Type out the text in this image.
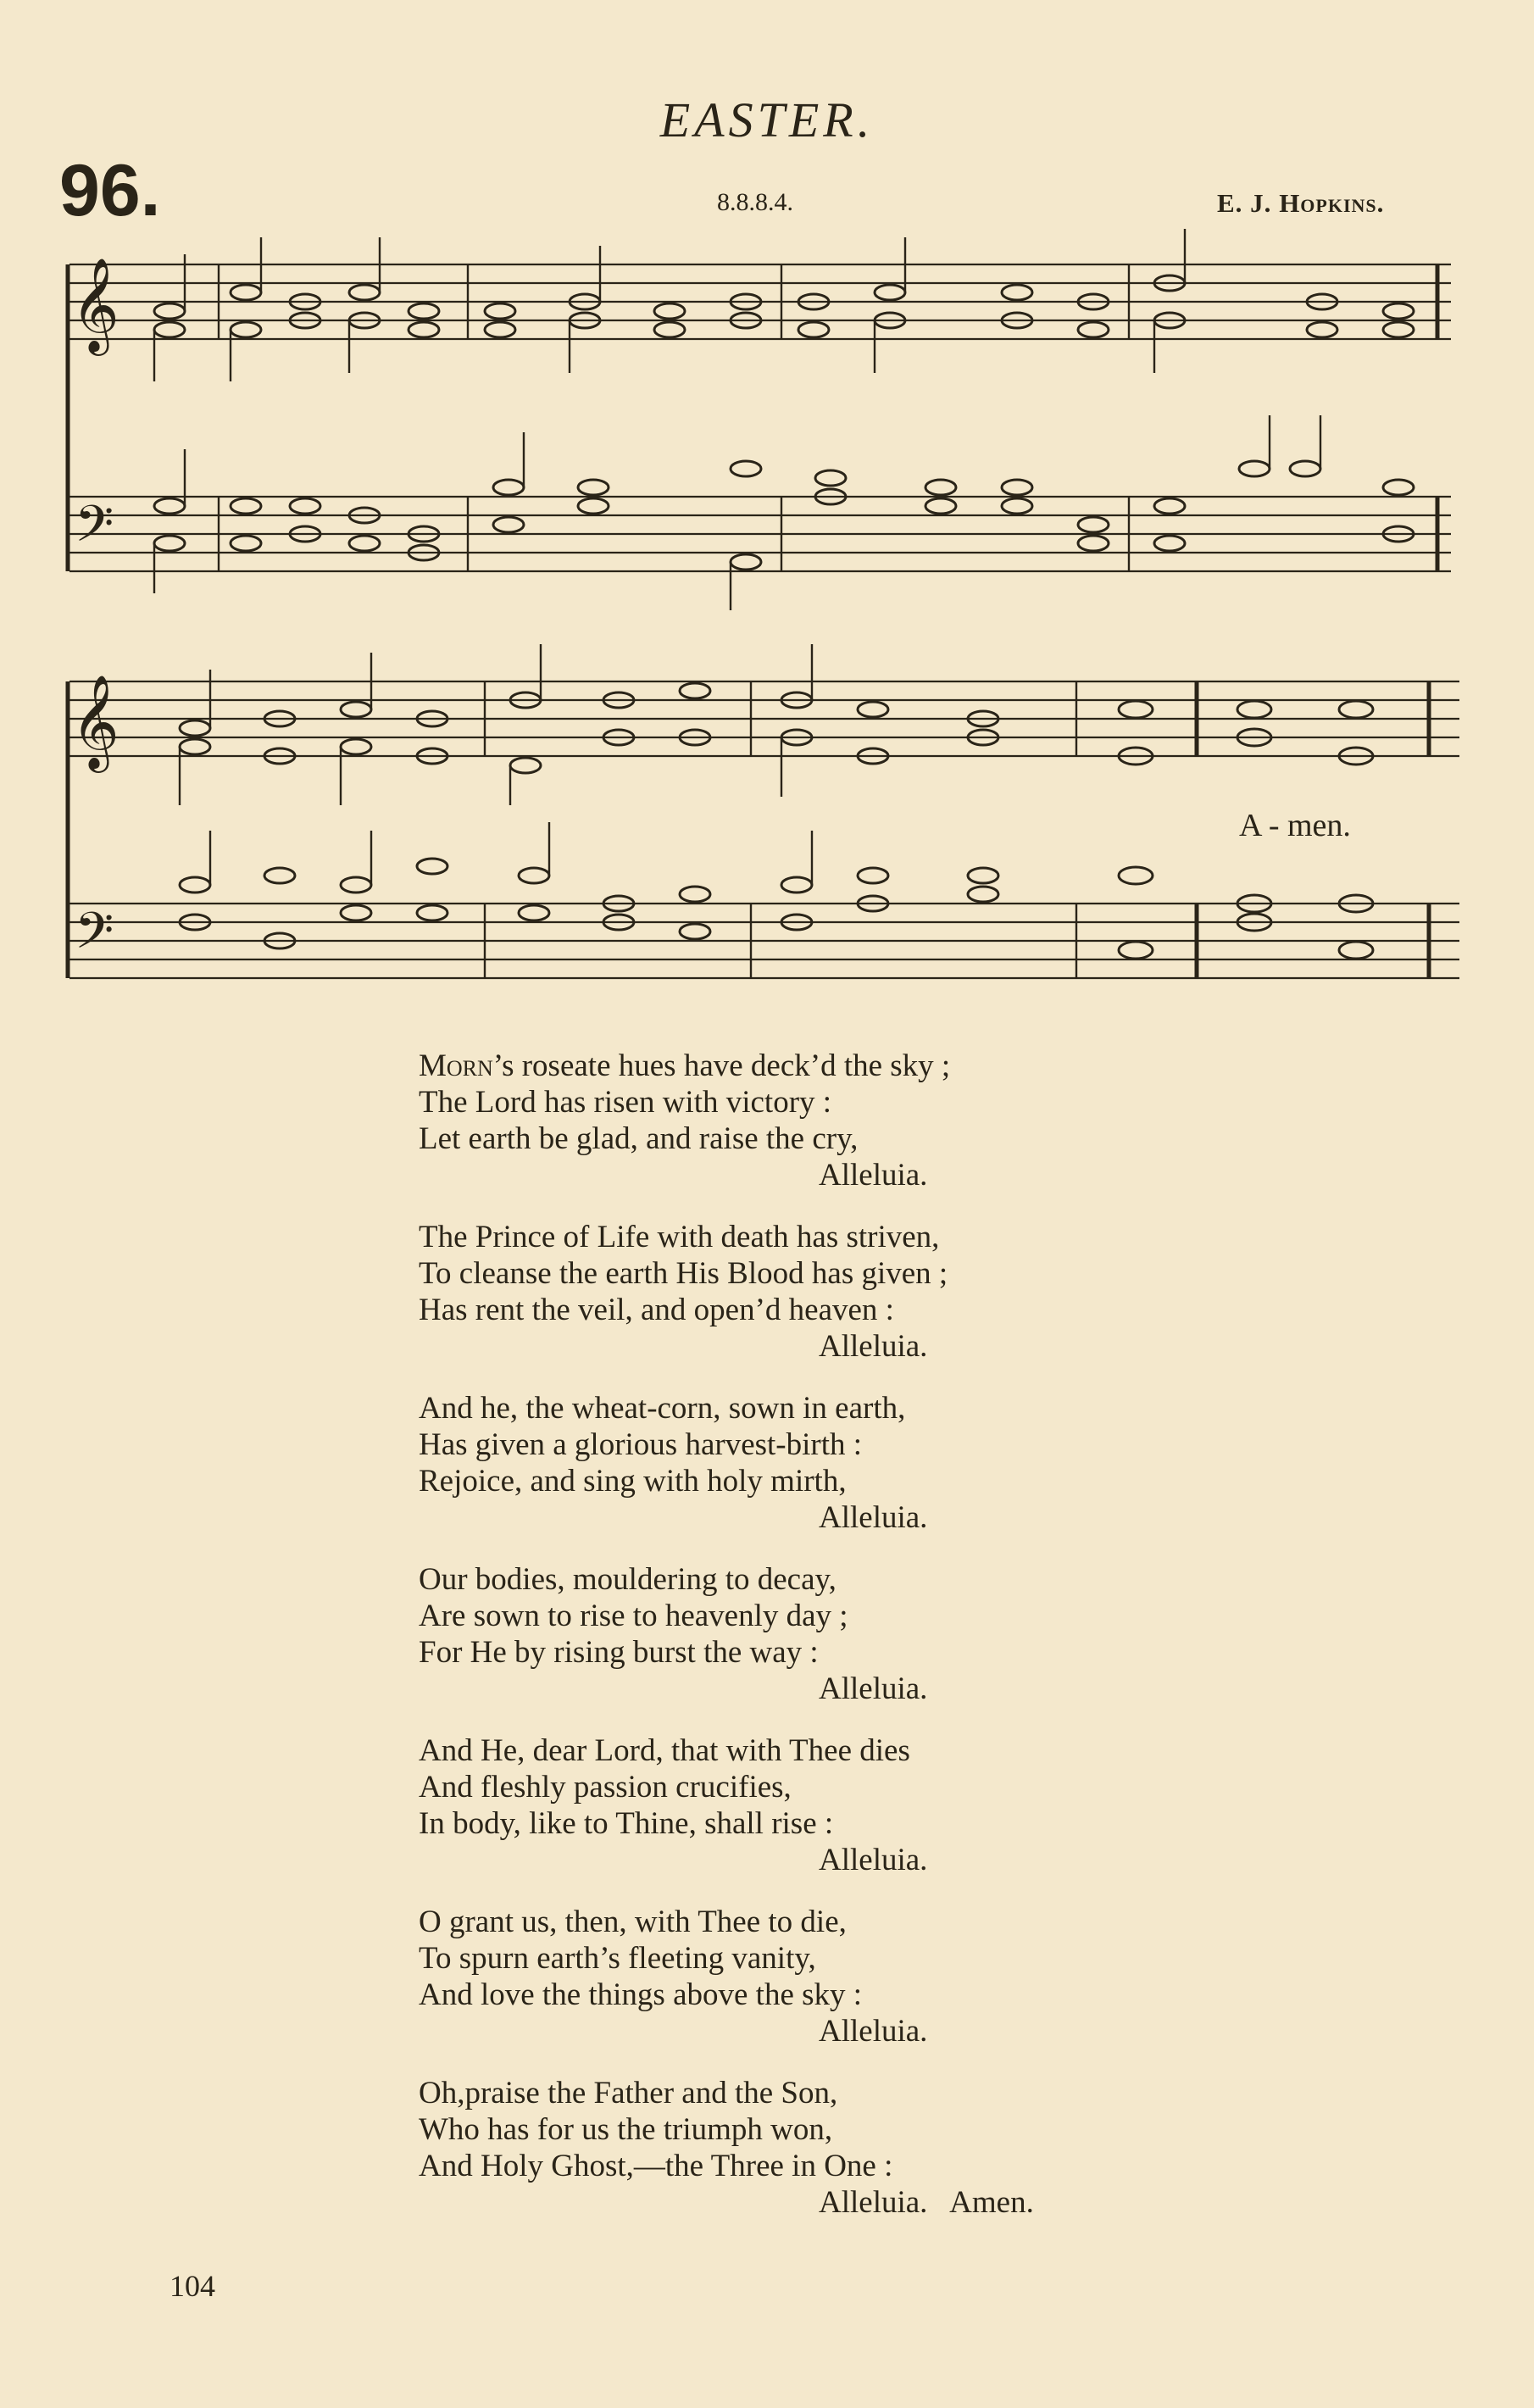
EASTER.
96.	8.8.8.4.	E. J. Hopkins.
𝄞
𝄢
𝄞
𝄢
A - men.
Morn’s roseate hues have deck’d the sky ;
The Lord has risen with victory :
Let earth be glad, and raise the cry,
Alleluia.
The Prince of Life with death has striven,
To cleanse the earth His Blood has given ;
Has rent the veil, and open’d heaven :
Alleluia.
And he, the wheat-corn, sown in earth,
Has given a glorious harvest-birth :
Rejoice, and sing with holy mirth,
Alleluia.
Our bodies, mouldering to decay,
Are sown to rise to heavenly day ;
For He by rising burst the way :
Alleluia.
And He, dear Lord, that with Thee dies
And fleshly passion crucifies,
In body, like to Thine, shall rise :
Alleluia.
O grant us, then, with Thee to die,
To spurn earth’s fleeting vanity,
And love the things above the sky :
Alleluia.
Oh,praise the Father and the Son,
Who has for us the triumph won,
And Holy Ghost,—the Three in One :
Alleluia.   Amen.
104
